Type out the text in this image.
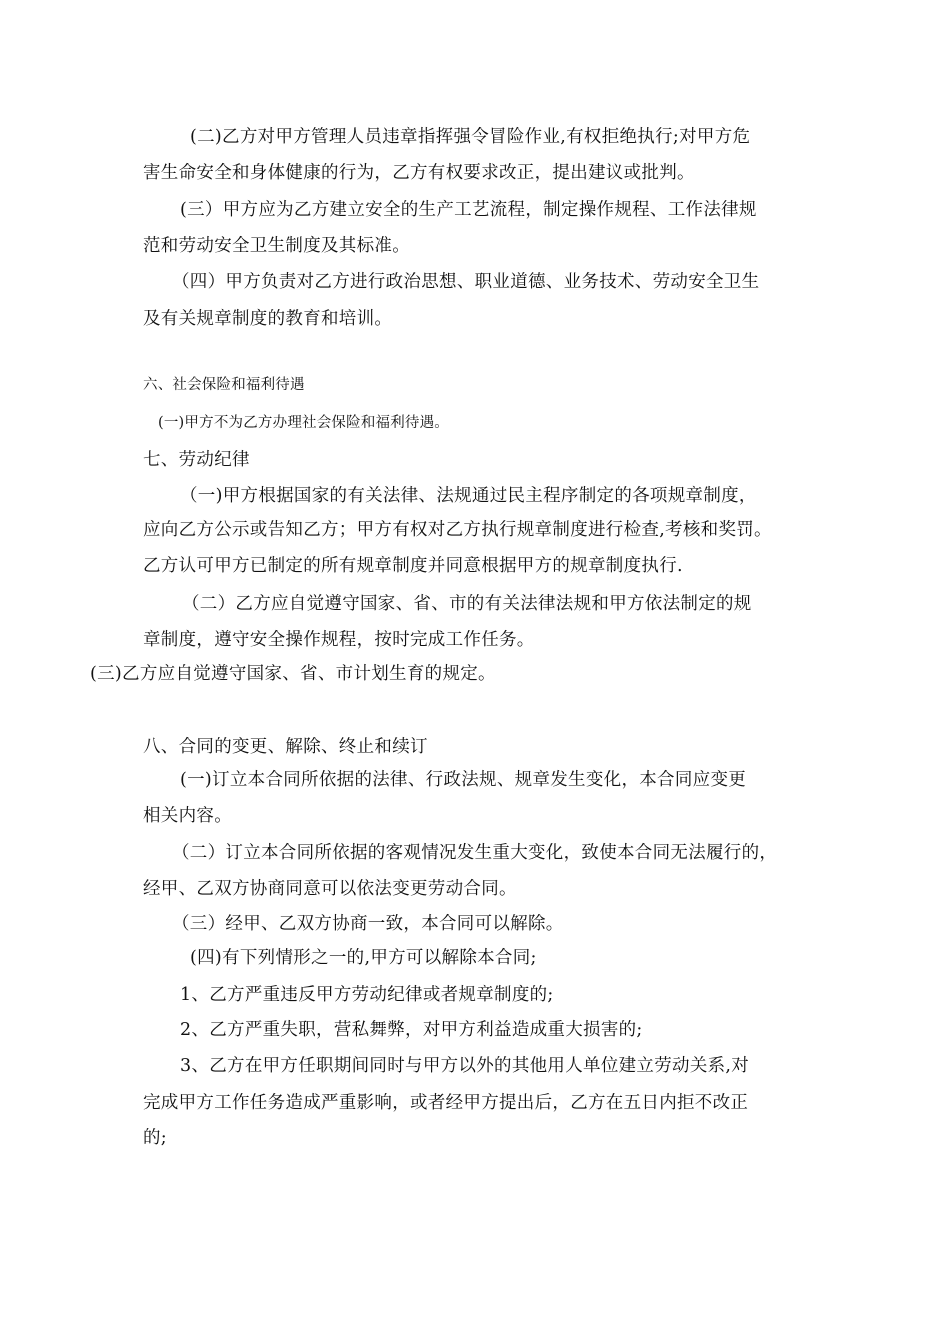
(二)乙方对甲方管理人员违章指挥强令冒险作业,有权拒绝执行;对甲方危

害生命安全和身体健康的行为，乙方有权要求改正，提出建议或批判。

(三）甲方应为乙方建立安全的生产工艺流程，制定操作规程、工作法律规

范和劳动安全卫生制度及其标准。

（四）甲方负责对乙方进行政治思想、职业道德、业务技术、劳动安全卫生

及有关规章制度的教育和培训。

六、社会保险和福利待遇

(一)甲方不为乙方办理社会保险和福利待遇。

七、劳动纪律

（一)甲方根据国家的有关法律、法规通过民主程序制定的各项规章制度，

应向乙方公示或告知乙方；甲方有权对乙方执行规章制度进行检查,考核和奖罚。

乙方认可甲方已制定的所有规章制度并同意根据甲方的规章制度执行.

（二）乙方应自觉遵守国家、省、市的有关法律法规和甲方依法制定的规

章制度，遵守安全操作规程，按时完成工作任务。

(三)乙方应自觉遵守国家、省、市计划生育的规定。

八、合同的变更、解除、终止和续订

(一)订立本合同所依据的法律、行政法规、规章发生变化，本合同应变更

相关内容。

（二）订立本合同所依据的客观情况发生重大变化，致使本合同无法履行的，

经甲、乙双方协商同意可以依法变更劳动合同。

（三）经甲、乙双方协商一致，本合同可以解除。

(四)有下列情形之一的,甲方可以解除本合同;

1、乙方严重违反甲方劳动纪律或者规章制度的;

2、乙方严重失职，营私舞弊，对甲方利益造成重大损害的;

3、乙方在甲方任职期间同时与甲方以外的其他用人单位建立劳动关系,对

完成甲方工作任务造成严重影响，或者经甲方提出后，乙方在五日内拒不改正

的;
